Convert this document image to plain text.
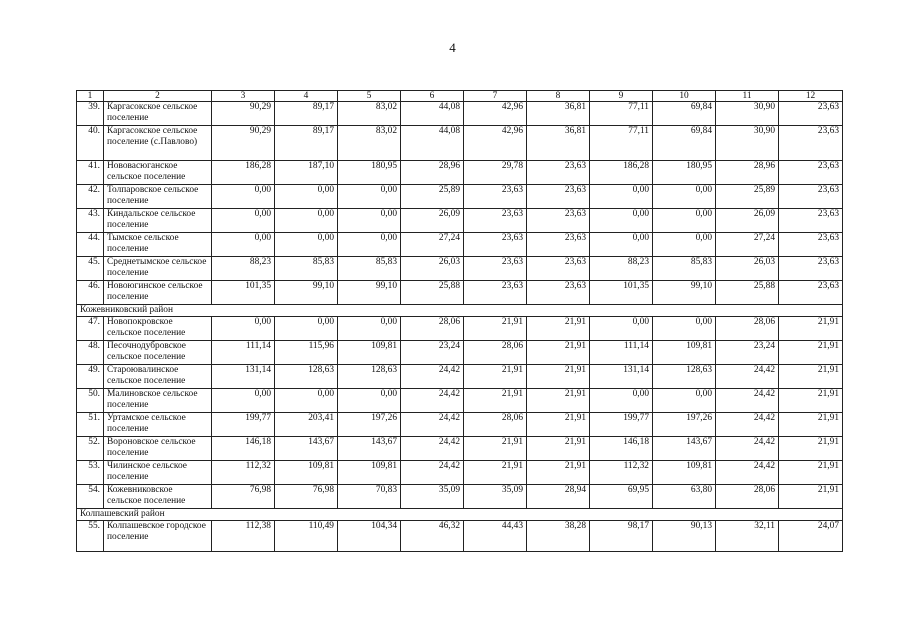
4
1	2	3	4	5	6	7	8	9	10	11	12
39.	Каргасокское сельское поселение	90,29	89,17	83,02	44,08	42,96	36,81	77,11	69,84	30,90	23,63
40.	Каргасокское сельское поселение (с.Павлово)	90,29	89,17	83,02	44,08	42,96	36,81	77,11	69,84	30,90	23,63
41.	Нововасюганское сельское поселение	186,28	187,10	180,95	28,96	29,78	23,63	186,28	180,95	28,96	23,63
42.	Толпаровское сельское поселение	0,00	0,00	0,00	25,89	23,63	23,63	0,00	0,00	25,89	23,63
43.	Киндальское сельское поселение	0,00	0,00	0,00	26,09	23,63	23,63	0,00	0,00	26,09	23,63
44.	Тымское сельское поселение	0,00	0,00	0,00	27,24	23,63	23,63	0,00	0,00	27,24	23,63
45.	Среднетымское сельское поселение	88,23	85,83	85,83	26,03	23,63	23,63	88,23	85,83	26,03	23,63
46.	Новоюгинское сельское поселение	101,35	99,10	99,10	25,88	23,63	23,63	101,35	99,10	25,88	23,63
Кожевниковский район											
47.	Новопокровское сельское поселение	0,00	0,00	0,00	28,06	21,91	21,91	0,00	0,00	28,06	21,91
48.	Песочнодубровское сельское поселение	111,14	115,96	109,81	23,24	28,06	21,91	111,14	109,81	23,24	21,91
49.	Староювалинское сельское поселение	131,14	128,63	128,63	24,42	21,91	21,91	131,14	128,63	24,42	21,91
50.	Малиновское сельское поселение	0,00	0,00	0,00	24,42	21,91	21,91	0,00	0,00	24,42	21,91
51.	Уртамское сельское поселение	199,77	203,41	197,26	24,42	28,06	21,91	199,77	197,26	24,42	21,91
52.	Вороновское сельское поселение	146,18	143,67	143,67	24,42	21,91	21,91	146,18	143,67	24,42	21,91
53.	Чилинское сельское поселение	112,32	109,81	109,81	24,42	21,91	21,91	112,32	109,81	24,42	21,91
54.	Кожевниковское сельское поселение	76,98	76,98	70,83	35,09	35,09	28,94	69,95	63,80	28,06	21,91
Колпашевский район											
55.	Колпашевское городское поселение	112,38	110,49	104,34	46,32	44,43	38,28	98,17	90,13	32,11	24,07
